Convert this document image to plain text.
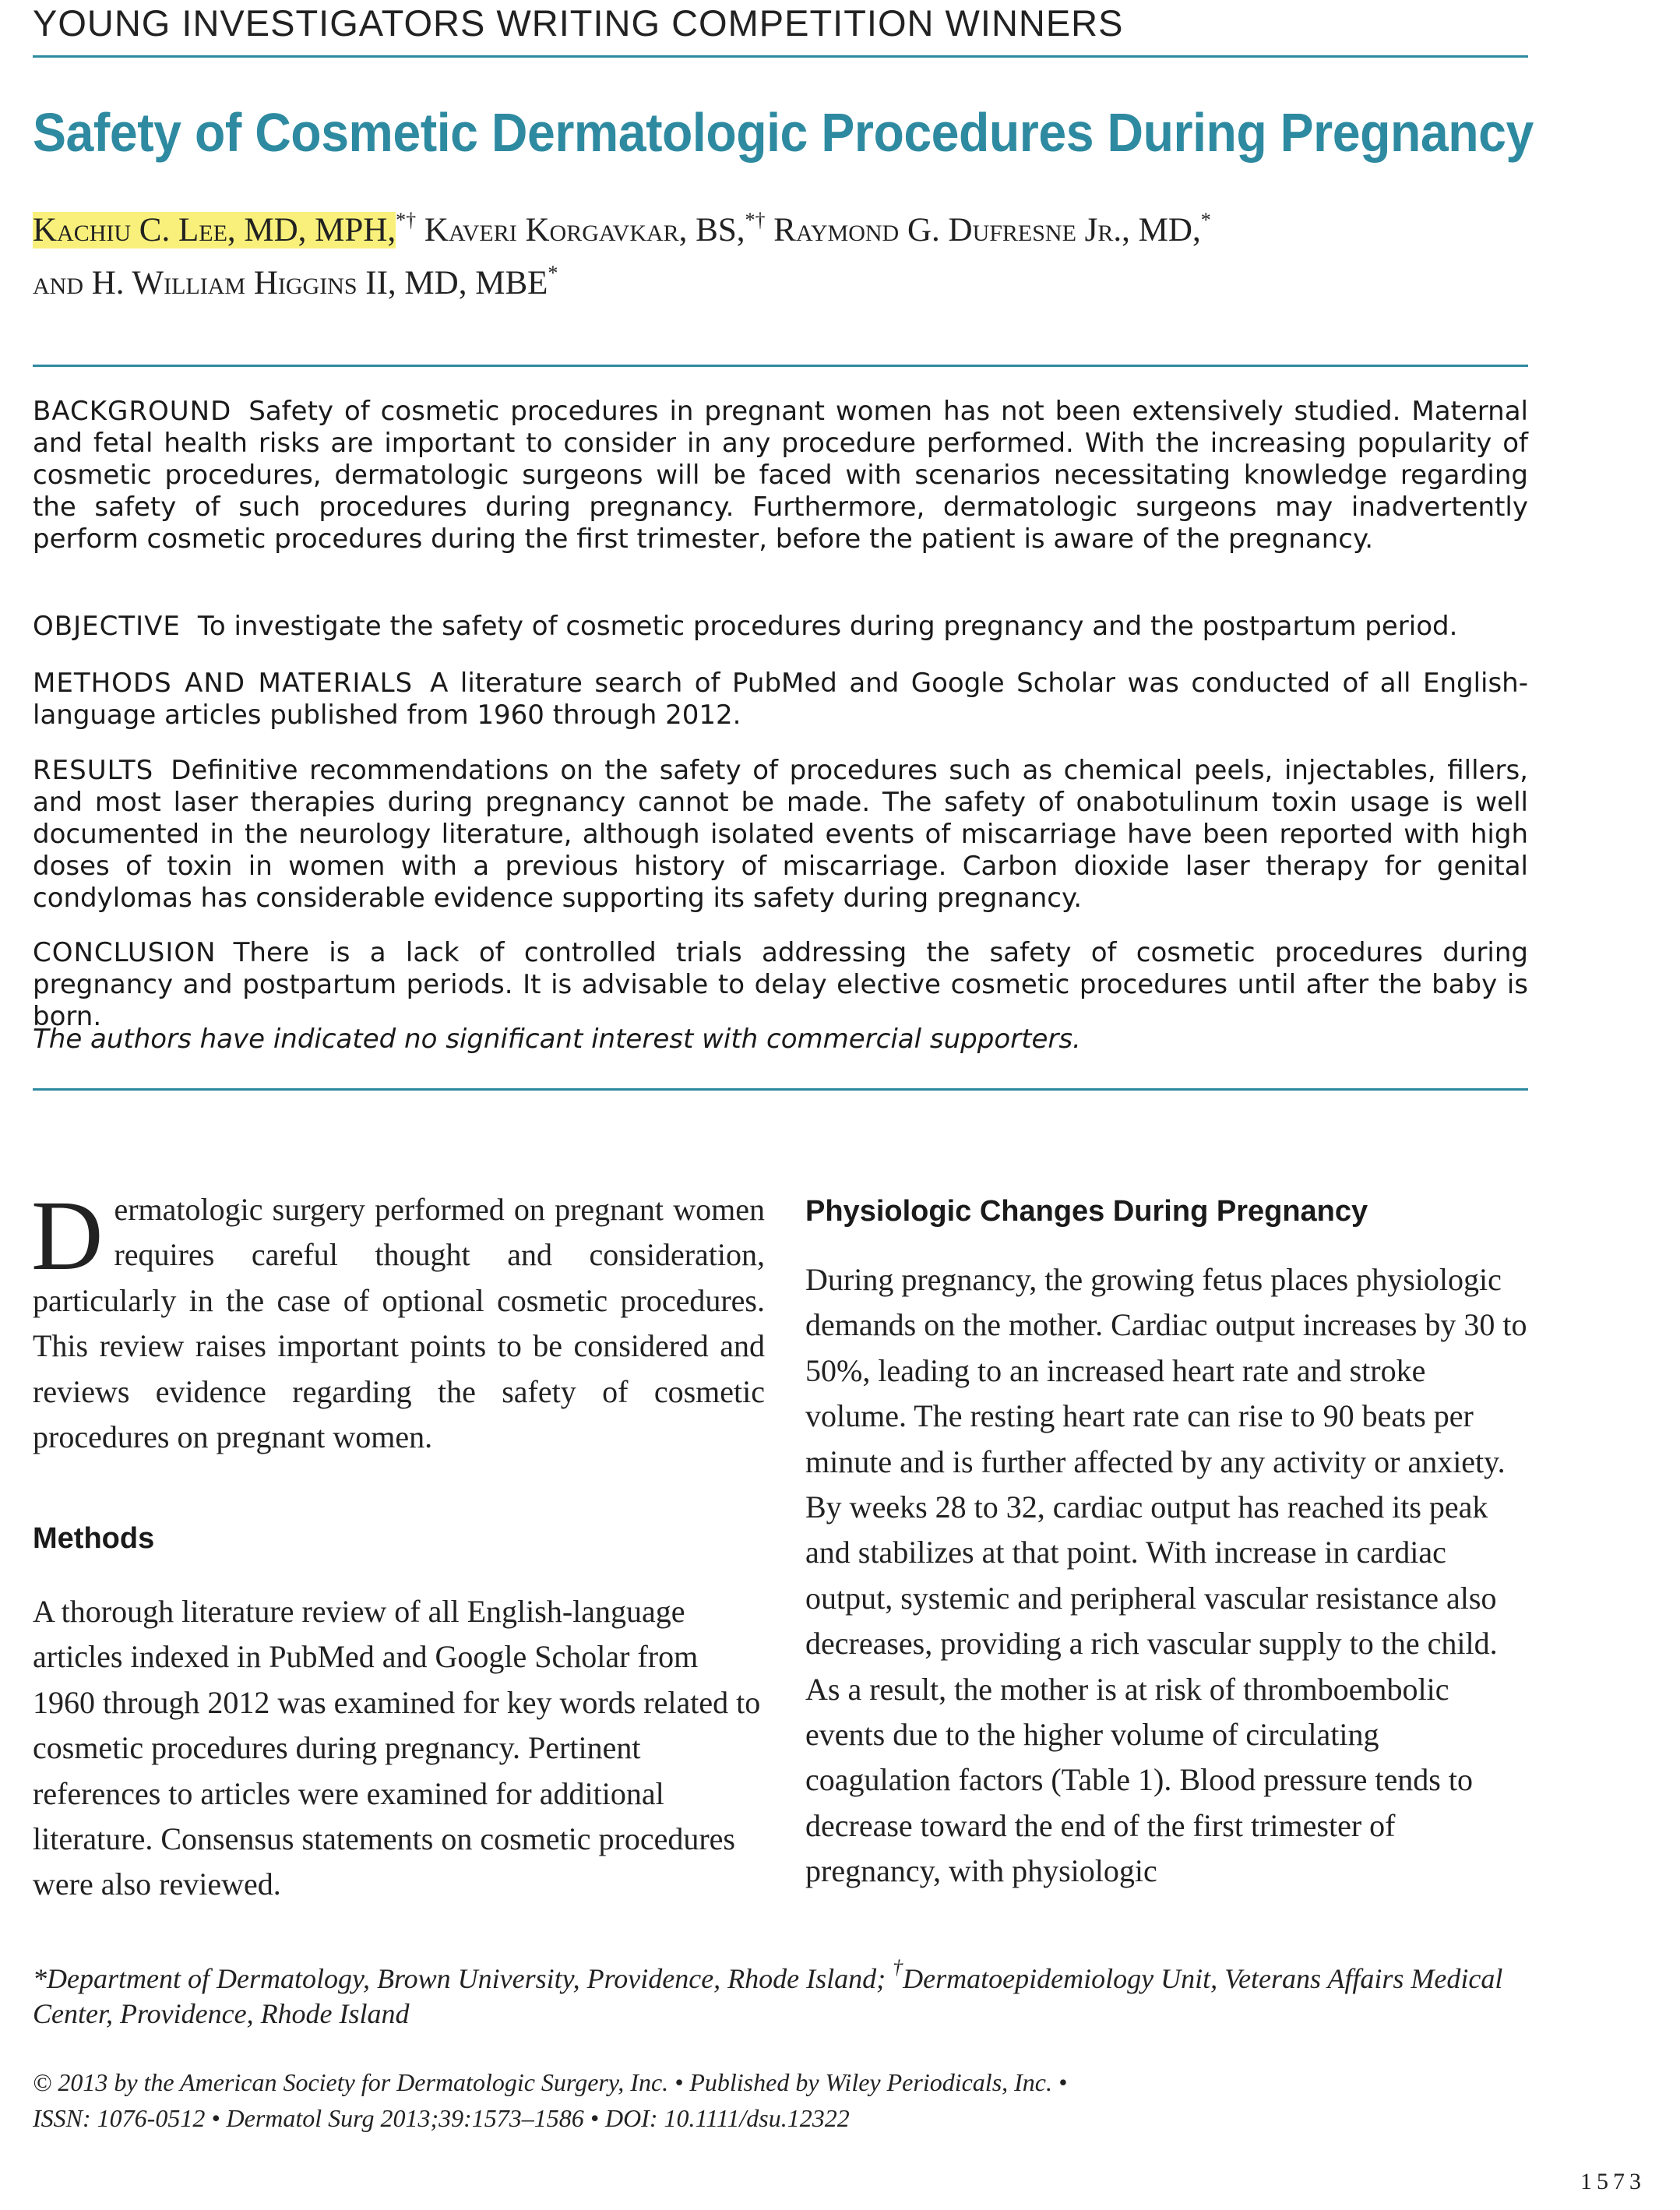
YOUNG INVESTIGATORS WRITING COMPETITION WINNERS
Safety of Cosmetic Dermatologic Procedures During Pregnancy
Kachiu C. Lee, MD, MPH,*† Kaveri Korgavkar, BS,*† Raymond G. Dufresne Jr., MD,*
and H. William Higgins II, MD, MBE*
BACKGROUND Safety of cosmetic procedures in pregnant women has not been extensively studied. Maternal and fetal health risks are important to consider in any procedure performed. With the increasing popularity of cosmetic procedures, dermatologic surgeons will be faced with scenarios necessitating knowledge regarding the safety of such procedures during pregnancy. Furthermore, dermatologic surgeons may inadvertently perform cosmetic procedures during the first trimester, before the patient is aware of the pregnancy.
OBJECTIVE To investigate the safety of cosmetic procedures during pregnancy and the postpartum period.
METHODS AND MATERIALS A literature search of PubMed and Google Scholar was conducted of all English-language articles published from 1960 through 2012.
RESULTS Definitive recommendations on the safety of procedures such as chemical peels, injectables, fillers, and most laser therapies during pregnancy cannot be made. The safety of onabotulinum toxin usage is well documented in the neurology literature, although isolated events of miscarriage have been reported with high doses of toxin in women with a previous history of miscarriage. Carbon dioxide laser therapy for genital condylomas has considerable evidence supporting its safety during pregnancy.
CONCLUSION There is a lack of controlled trials addressing the safety of cosmetic procedures during pregnancy and postpartum periods. It is advisable to delay elective cosmetic procedures until after the baby is born.
The authors have indicated no significant interest with commercial supporters.
Dermatologic surgery performed on pregnant women requires careful thought and consideration, particularly in the case of optional cosmetic procedures. This review raises important points to be considered and reviews evidence regarding the safety of cosmetic procedures on pregnant women.
Methods
A thorough literature review of all English-language articles indexed in PubMed and Google Scholar from 1960 through 2012 was examined for key words related to cosmetic procedures during pregnancy. Pertinent references to articles were examined for additional literature. Consensus statements on cosmetic procedures were also reviewed.
Physiologic Changes During Pregnancy
During pregnancy, the growing fetus places physiologic demands on the mother. Cardiac output increases by 30 to 50%, leading to an increased heart rate and stroke volume. The resting heart rate can rise to 90 beats per minute and is further affected by any activity or anxiety. By weeks 28 to 32, cardiac output has reached its peak and stabilizes at that point. With increase in cardiac output, systemic and peripheral vascular resistance also decreases, providing a rich vascular supply to the child. As a result, the mother is at risk of thromboembolic events due to the higher volume of circulating coagulation factors (Table 1). Blood pressure tends to decrease toward the end of the first trimester of pregnancy, with physiologic
*Department of Dermatology, Brown University, Providence, Rhode Island; †Dermatoepidemiology Unit, Veterans Affairs Medical Center, Providence, Rhode Island
© 2013 by the American Society for Dermatologic Surgery, Inc. • Published by Wiley Periodicals, Inc. •
ISSN: 1076-0512 • Dermatol Surg 2013;39:1573–1586 • DOI: 10.1111/dsu.12322
1573
